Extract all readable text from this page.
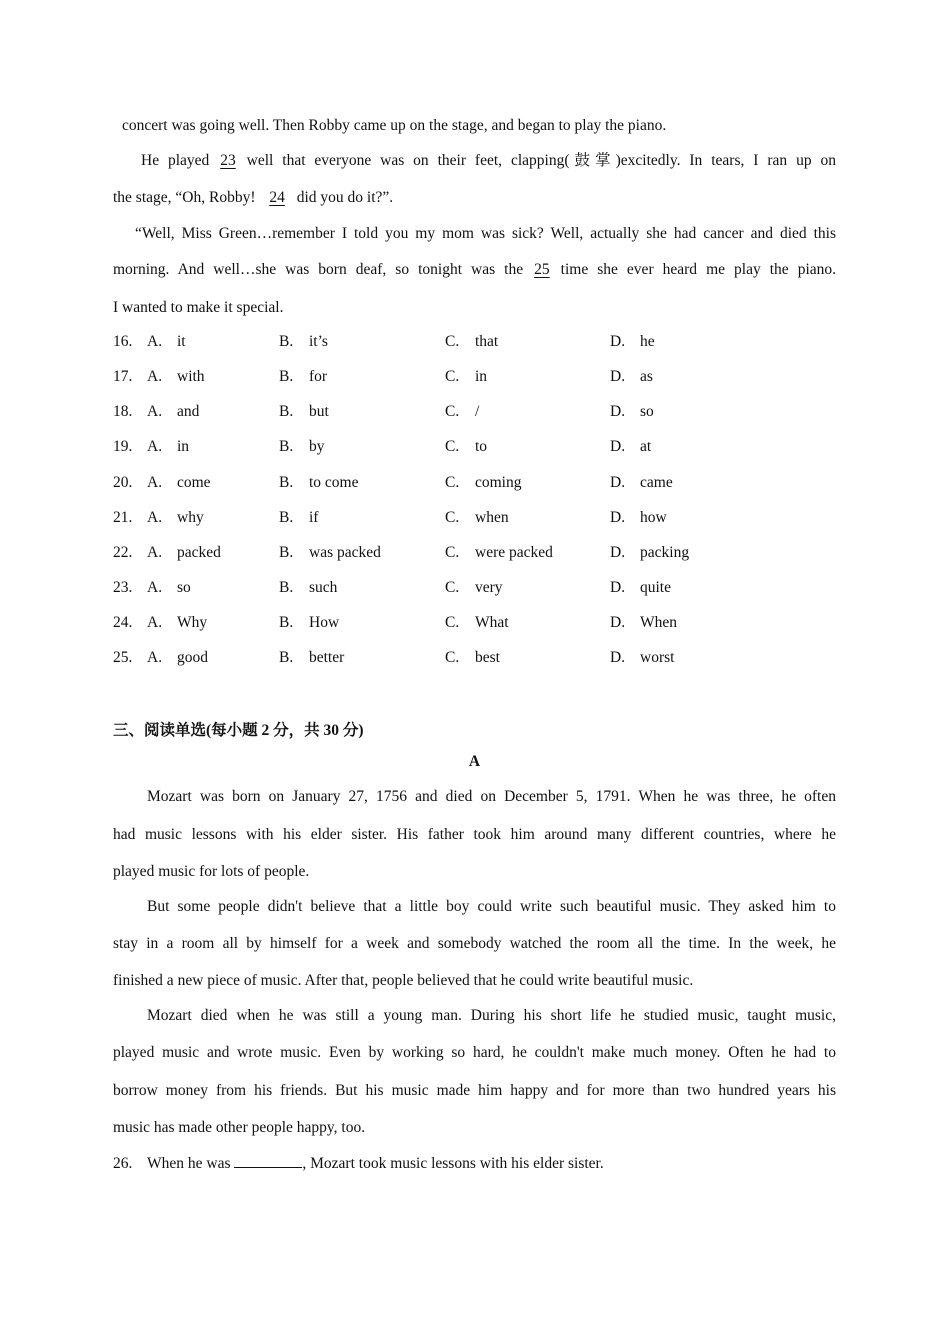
concert was going well. Then Robby came up on the stage, and began to play the piano.
He played 23 well that everyone was on their feet, clapping(鼓掌)excitedly. In tears, I ran up on
the stage, “Oh, Robby! 24 did you do it?”.
“Well, Miss Green…remember I told you my mom was sick? Well, actually she had cancer and died this
morning. And well…she was born deaf, so tonight was the 25 time she ever heard me play the piano.
I wanted to make it special.
16. A. it	B. it’s	C. that	D. he
17. A. with	B. for	C. in	D. as
18. A. and	B. but	C. /	D. so
19. A. in	B. by	C. to	D. at
20. A. come	B. to come	C. coming	D. came
21. A. why	B. if	C. when	D. how
22. A. packed	B. was packed	C. were packed	D. packing
23. A. so	B. such	C. very	D. quite
24. A. Why	B. How	C. What	D. When
25. A. good	B. better	C. best	D. worst
三、阅读单选(每小题 2 分，共 30 分)
A
Mozart was born on January 27, 1756 and died on December 5, 1791. When he was three, he often
had music lessons with his elder sister. His father took him around many different countries, where he
played music for lots of people.
But some people didn't believe that a little boy could write such beautiful music. They asked him to
stay in a room all by himself for a week and somebody watched the room all the time. In the week, he
finished a new piece of music. After that, people believed that he could write beautiful music.
Mozart died when he was still a young man. During his short life he studied music, taught music,
played music and wrote music. Even by working so hard, he couldn't make much money. Often he had to
borrow money from his friends. But his music made him happy and for more than two hundred years his
music has made other people happy, too.
26. When he was	, Mozart took music lessons with his elder sister.
